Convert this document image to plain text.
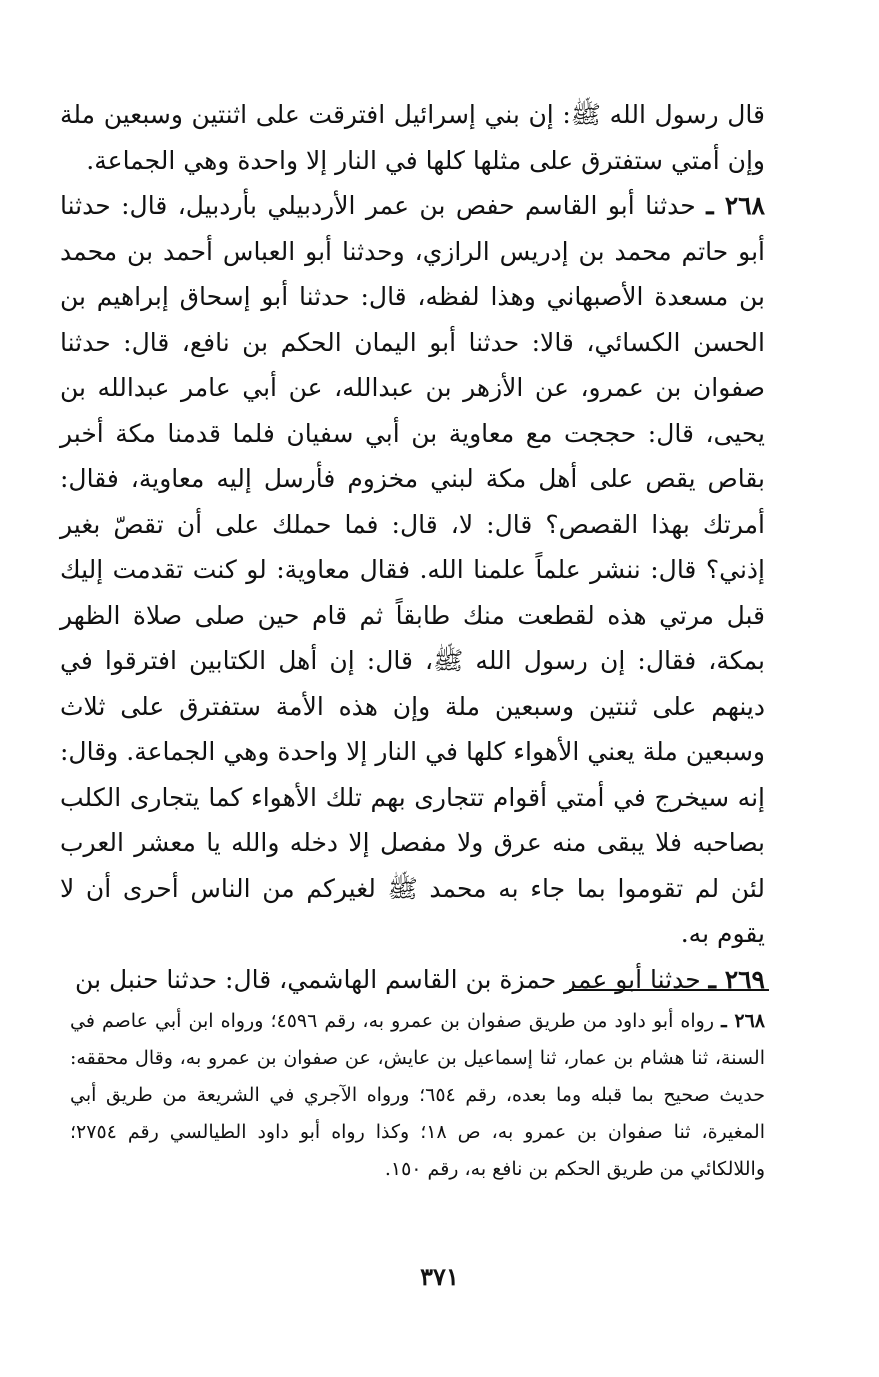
قال رسول الله ﷺ: إن بني إسرائيل افترقت على اثنتين وسبعين ملة وإن أمتي ستفترق على مثلها كلها في النار إلا واحدة وهي الجماعة.

٢٦٨ ـ حدثنا أبو القاسم حفص بن عمر الأردبيلي بأردبيل، قال: حدثنا أبو حاتم محمد بن إدريس الرازي، وحدثنا أبو العباس أحمد بن محمد بن مسعدة الأصبهاني وهذا لفظه، قال: حدثنا أبو إسحاق إبراهيم بن الحسن الكسائي، قالا: حدثنا أبو اليمان الحكم بن نافع، قال: حدثنا صفوان بن عمرو، عن الأزهر بن عبدالله، عن أبي عامر عبدالله بن يحيى، قال: حججت مع معاوية بن أبي سفيان فلما قدمنا مكة أخبر بقاص يقص على أهل مكة لبني مخزوم فأرسل إليه معاوية، فقال: أمرتك بهذا القصص؟ قال: لا، قال: فما حملك على أن تقصّ بغير إذني؟ قال: ننشر علماً علمنا الله. فقال معاوية: لو كنت تقدمت إليك قبل مرتي هذه لقطعت منك طابقاً ثم قام حين صلى صلاة الظهر بمكة، فقال: إن رسول الله ﷺ، قال: إن أهل الكتابين افترقوا في دينهم على ثنتين وسبعين ملة وإن هذه الأمة ستفترق على ثلاث وسبعين ملة يعني الأهواء كلها في النار إلا واحدة وهي الجماعة. وقال: إنه سيخرج في أمتي أقوام تتجارى بهم تلك الأهواء كما يتجارى الكلب بصاحبه فلا يبقى منه عرق ولا مفصل إلا دخله والله يا معشر العرب لئن لم تقوموا بما جاء به محمد ﷺ لغيركم من الناس أحرى أن لا يقوم به.

٢٦٩ ـ حدثنا أبو عمر حمزة بن القاسم الهاشمي، قال: حدثنا حنبل بن

٢٦٨ ـ رواه أبو داود من طريق صفوان بن عمرو به، رقم ٤٥٩٦؛ ورواه ابن أبي عاصم في السنة، ثنا هشام بن عمار، ثنا إسماعيل بن عايش، عن صفوان بن عمرو به، وقال محققه: حديث صحيح بما قبله وما بعده، رقم ٦٥٤؛ ورواه الآجري في الشريعة من طريق أبي المغيرة، ثنا صفوان بن عمرو به، ص ١٨؛ وكذا رواه أبو داود الطيالسي رقم ٢٧٥٤؛ واللالكائي من طريق الحكم بن نافع به، رقم ١٥٠.

٣٧١
